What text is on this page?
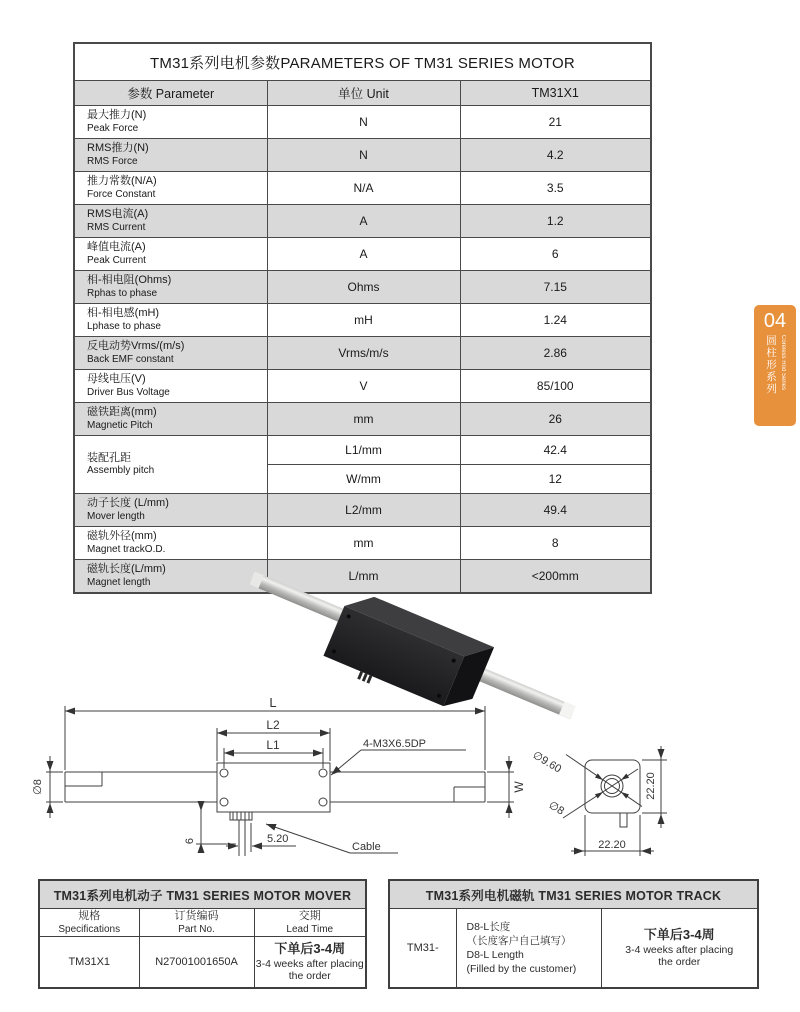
TM31系列电机参数PARAMETERS OF TM31 SERIES MOTOR		
参数 Parameter	单位 Unit	TM31X1

最大推力(N)
Peak Force	N	21

RMS推力(N)
RMS Force	N	4.2

推力常数(N/A)
Force Constant	N/A	3.5

RMS电流(A)
RMS Current	A	1.2

峰值电流(A)
Peak Current	A	6

相-相电阻(Ohms)
Rphas to phase	Ohms	7.15

相-相电感(mH)
Lphase to phase	mH	1.24

反电动势Vrms/(m/s)
Back EMF constant	Vrms/m/s	2.86

母线电压(V)
Driver Bus Voltage	V	85/100

磁铁距离(mm)
Magnetic Pitch	mm	26

装配孔距
Assembly pitch	L1/mm	42.4
	W/mm	12

动子长度 (L/mm)
Mover length	L2/mm	49.4

磁轨外径(mm)
Magnet trackO.D.	mm	8

磁轨长度(L/mm)
Magnet length	L/mm	<200mm
04
圆柱形系列 Coreless Rod Series
L
L2
L1	4-M3X6.5DP
W
∅8
6	5.20
Cable
∅9.60
∅8
22.20
22.20
TM31系列电机动子 TM31 SERIES MOTOR MOVER		

规格
Specifications

订货编码
Part No.

交期
Lead Time

TM31X1	N27001001650A	下单后3-4周
3-4 weeks after placing the order
TM31系列电机磁轨 TM31 SERIES MOTOR TRACK
TM31-	
D8-L长度
（长度客户自己填写）
D8-L Length
(Filled by the customer)

下单后3-4周
3-4 weeks after placing the order
